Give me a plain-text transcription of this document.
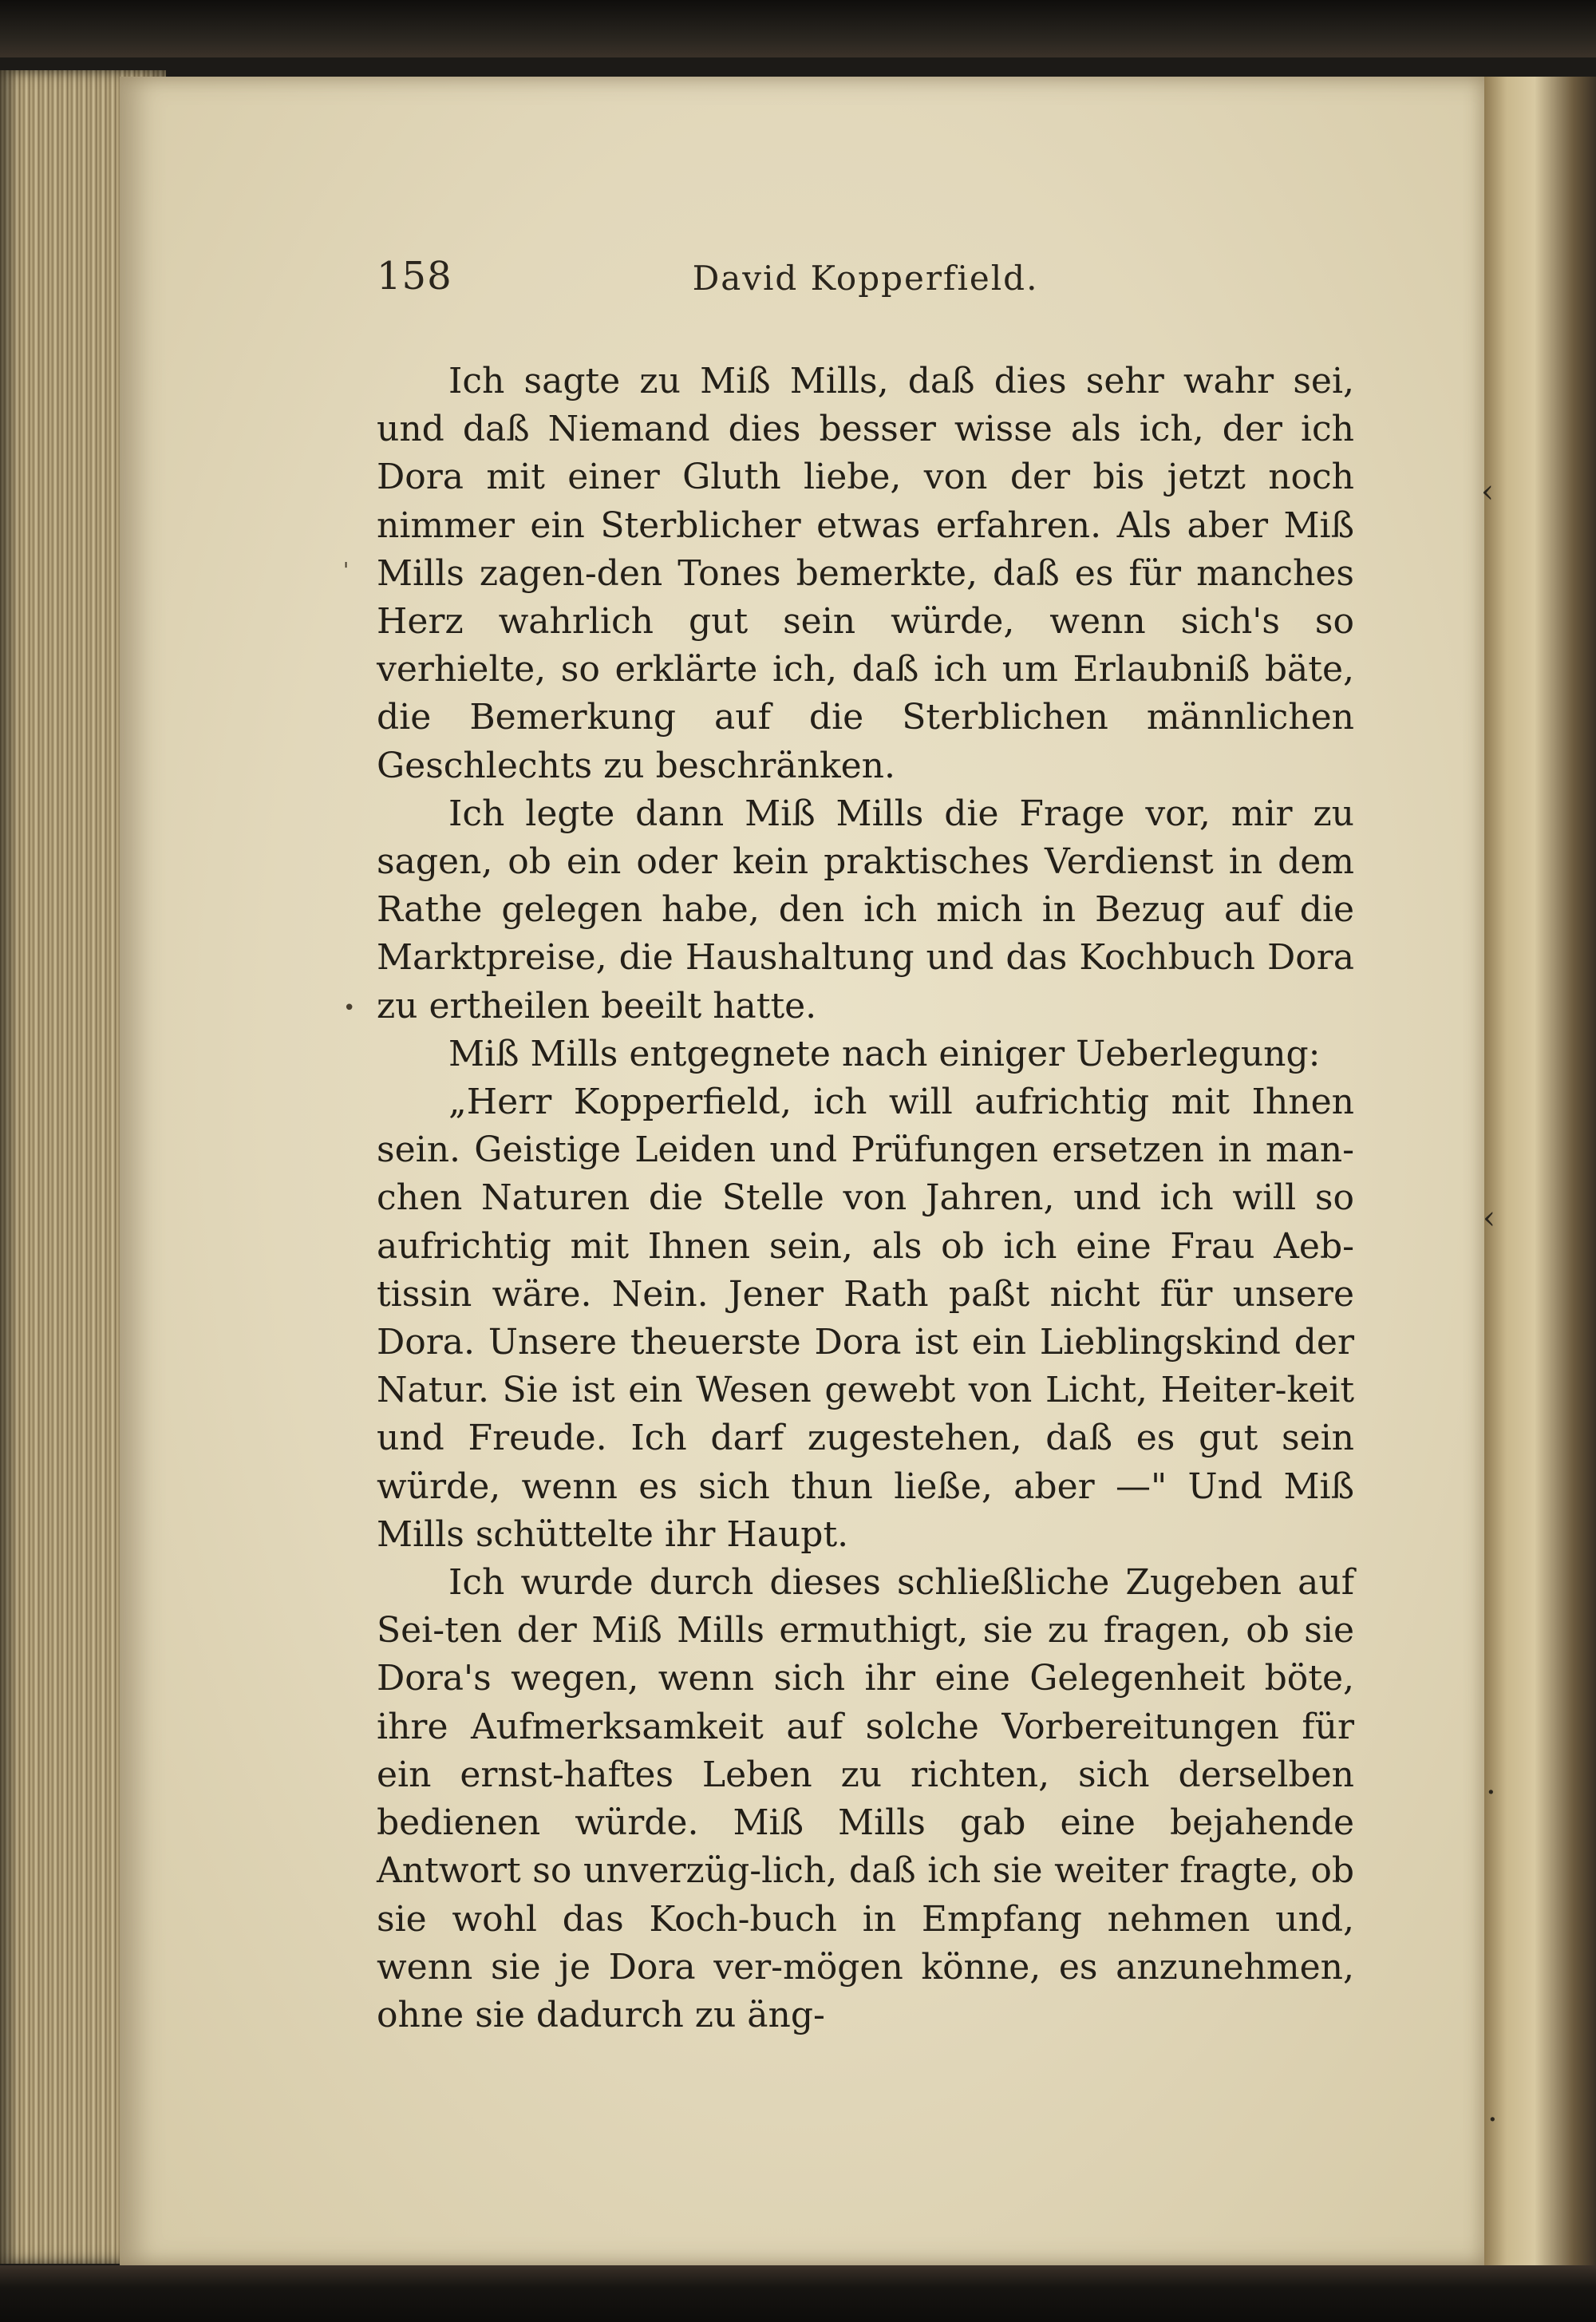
‹
‹
·
·
•
'
David Kopperfield.
158

Ich sagte zu Miß Mills, daß dies sehr wahr sei, und daß Niemand dies besser wisse als ich, der ich Dora mit einer Gluth liebe, von der bis jetzt noch nimmer ein Sterblicher etwas erfahren. Als aber Miß Mills zagen-den Tones bemerkte, daß es für manches Herz wahrlich gut sein würde, wenn sich's so verhielte, so erklärte ich, daß ich um Erlaubniß bäte, die Bemerkung auf die Sterblichen männlichen Geschlechts zu beschränken.

Ich legte dann Miß Mills die Frage vor, mir zu sagen, ob ein oder kein praktisches Verdienst in dem Rathe gelegen habe, den ich mich in Bezug auf die Marktpreise, die Haushaltung und das Kochbuch Dora zu ertheilen beeilt hatte.

Miß Mills entgegnete nach einiger Ueberlegung:

„Herr Kopperfield, ich will aufrichtig mit Ihnen sein. Geistige Leiden und Prüfungen ersetzen in man-chen Naturen die Stelle von Jahren, und ich will so aufrichtig mit Ihnen sein, als ob ich eine Frau Aeb-tissin wäre. Nein. Jener Rath paßt nicht für unsere Dora. Unsere theuerste Dora ist ein Lieblingskind der Natur. Sie ist ein Wesen gewebt von Licht, Heiter-keit und Freude. Ich darf zugestehen, daß es gut sein würde, wenn es sich thun ließe, aber —" Und Miß Mills schüttelte ihr Haupt.

Ich wurde durch dieses schließliche Zugeben auf Sei-ten der Miß Mills ermuthigt, sie zu fragen, ob sie Dora's wegen, wenn sich ihr eine Gelegenheit böte, ihre Aufmerksamkeit auf solche Vorbereitungen für ein ernst-haftes Leben zu richten, sich derselben bedienen würde. Miß Mills gab eine bejahende Antwort so unverzüg-lich, daß ich sie weiter fragte, ob sie wohl das Koch-buch in Empfang nehmen und, wenn sie je Dora ver-mögen könne, es anzunehmen, ohne sie dadurch zu äng-
